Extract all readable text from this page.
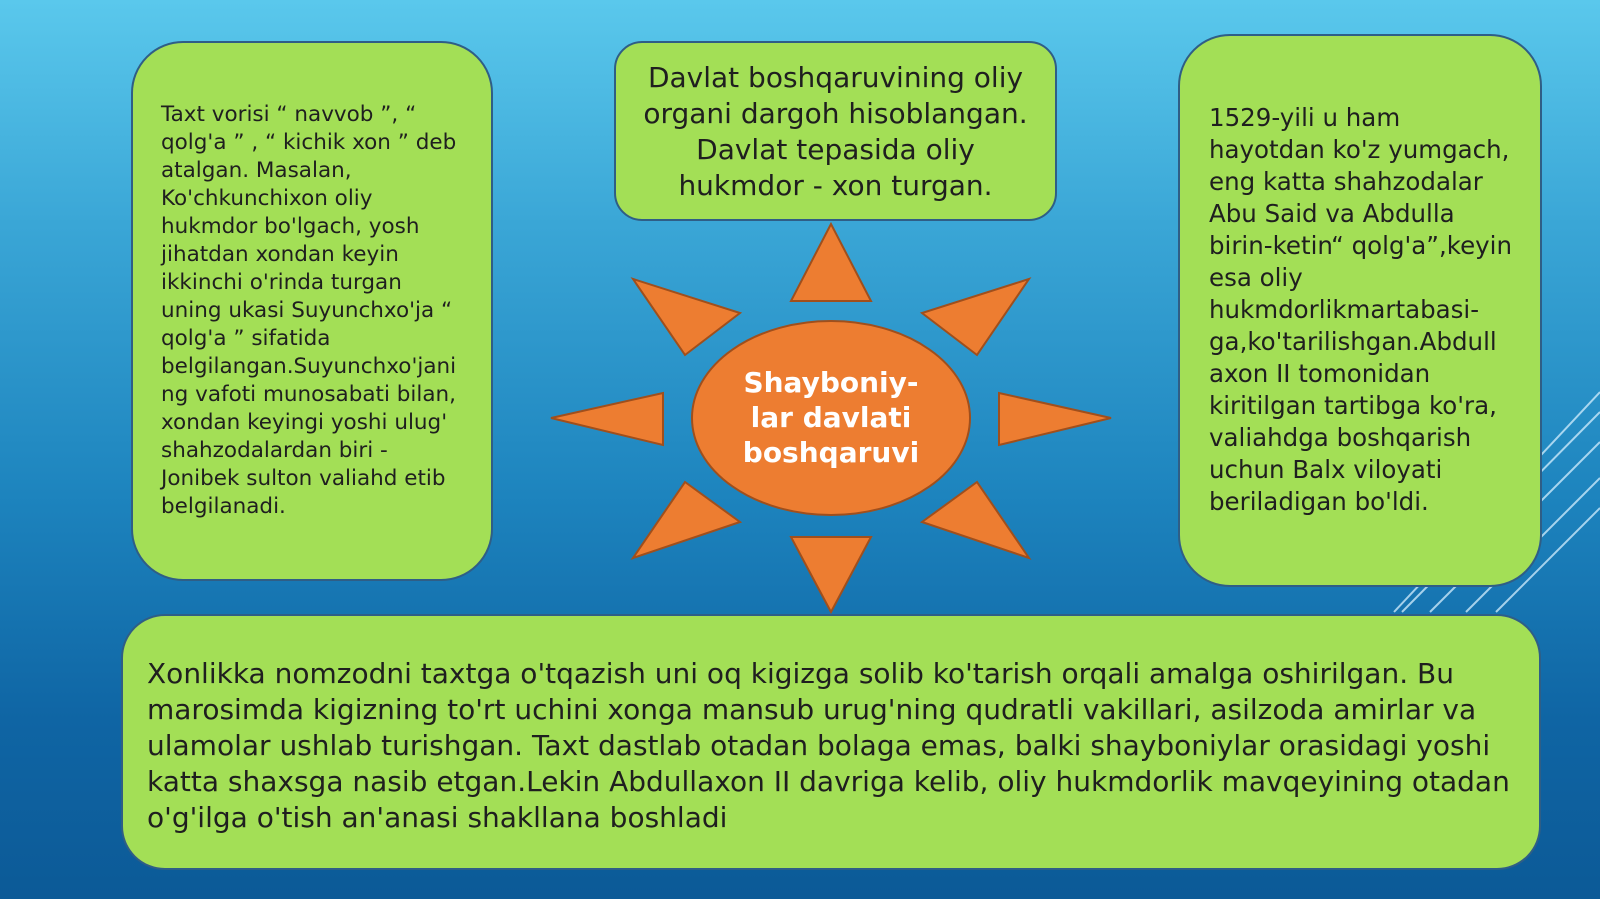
Shayboniy-
lar davlati
boshqaruvi

Taxt vorisi “ navvob ”, “
qolg'a ” , “ kichik xon ” deb
atalgan. Masalan,
Ko'chkunchixon oliy
hukmdor bo'lgach, yosh
jihatdan xondan keyin
ikkinchi o'rinda turgan
uning ukasi Suyunchxo'ja “
qolg'a ” sifatida
belgilangan.Suyunchxo'jani
ng vafoti munosabati bilan,
xondan keyingi yoshi ulug'
shahzodalardan biri -
Jonibek sulton valiahd etib
belgilanadi.

Davlat boshqaruvining oliy
organi dargoh hisoblangan.
Davlat tepasida oliy
hukmdor - xon turgan.

1529-yili u ham
hayotdan ko'z yumgach,
eng katta shahzodalar
Abu Said va Abdulla
birin-ketin“ qolg'a”,keyin
esa oliy
hukmdorlikmartabasi-
ga,ko'tarilishgan.Abdull
axon II tomonidan
kiritilgan tartibga ko'ra,
valiahdga boshqarish
uchun Balx viloyati
beriladigan bo'ldi.

Xonlikka nomzodni taxtga o'tqazish uni oq kigizga solib ko'tarish orqali amalga oshirilgan. Bu
marosimda kigizning to'rt uchini xonga mansub urug'ning qudratli vakillari, asilzoda amirlar va
ulamolar ushlab turishgan. Taxt dastlab otadan bolaga emas, balki shayboniylar orasidagi yoshi
katta shaxsga nasib etgan.Lekin Abdullaxon II davriga kelib, oliy hukmdorlik mavqeyining otadan
o'g'ilga o'tish an'anasi shakllana boshladi
